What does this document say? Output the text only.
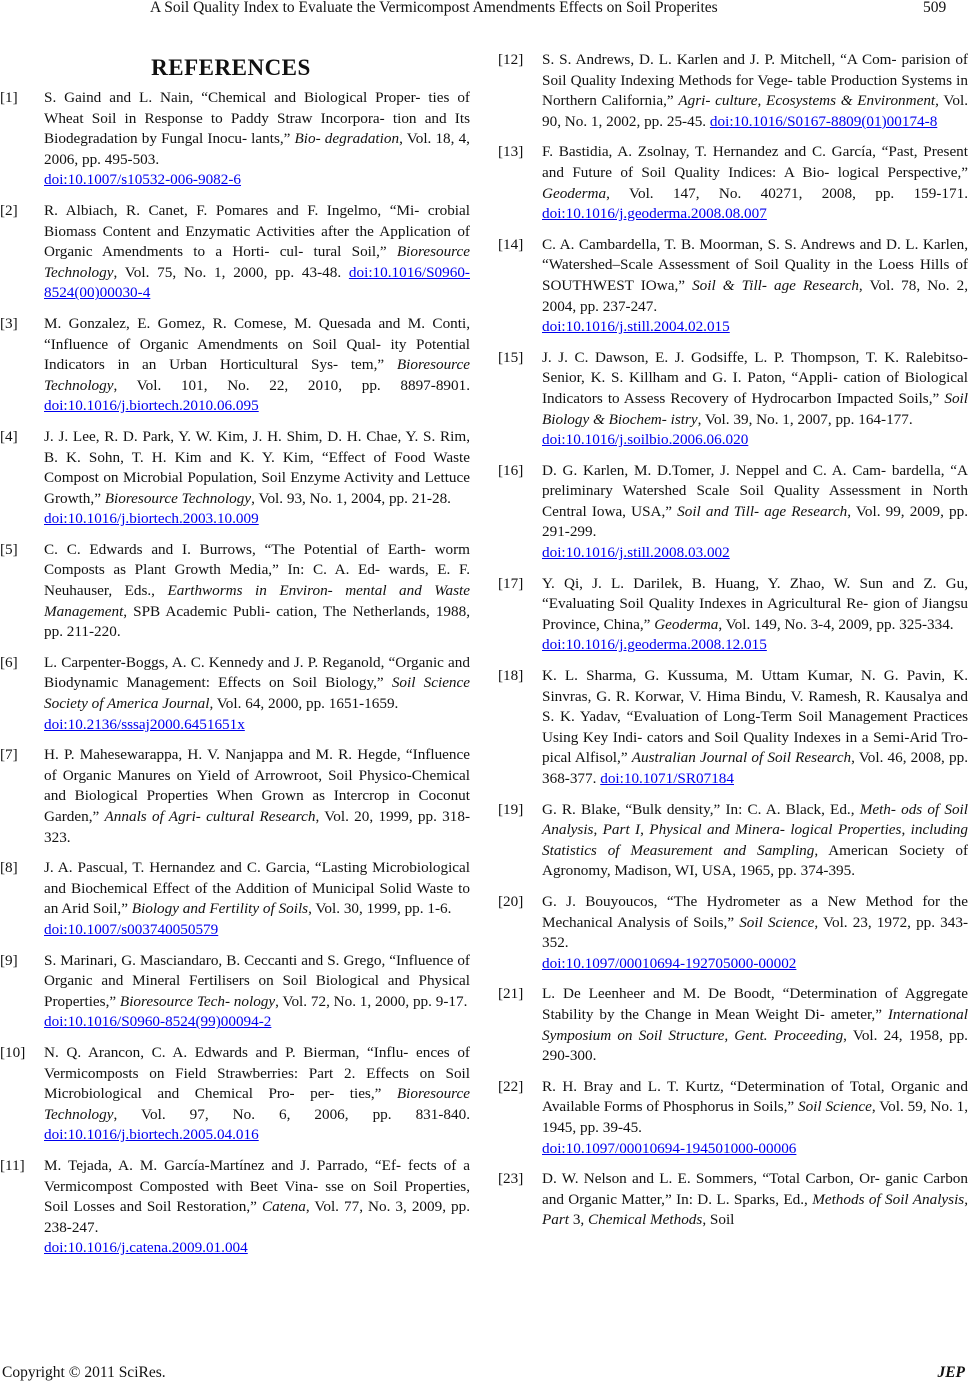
A Soil Quality Index to Evaluate the Vermicompost Amendments Effects on Soil Properites	509
REFERENCES
[1] S. Gaind and L. Nain, “Chemical and Biological Proper- ties of Wheat Soil in Response to Paddy Straw Incorpora- tion and Its Biodegradation by Fungal Inocu- lants,” Bio- degradation, Vol. 18, 4, 2006, pp. 495-503.
doi:10.1007/s10532-006-9082-6
[2] R. Albiach, R. Canet, F. Pomares and F. Ingelmo, “Mi- crobial Biomass Content and Enzymatic Activities after the Application of Organic Amendments to a Horti- cul- tural Soil,” Bioresource Technology, Vol. 75, No. 1, 2000, pp. 43-48. doi:10.1016/S0960-8524(00)00030-4
[3] M. Gonzalez, E. Gomez, R. Comese, M. Quesada and M. Conti, “Influence of Organic Amendments on Soil Qual- ity Potential Indicators in an Urban Horticultural Sys- tem,” Bioresource Technology, Vol. 101, No. 22, 2010, pp. 8897-8901. doi:10.1016/j.biortech.2010.06.095
[4] J. J. Lee, R. D. Park, Y. W. Kim, J. H. Shim, D. H. Chae, Y. S. Rim, B. K. Sohn, T. H. Kim and K. Y. Kim, “Effect of Food Waste Compost on Microbial Population, Soil Enzyme Activity and Lettuce Growth,” Bioresource Technology, Vol. 93, No. 1, 2004, pp. 21-28.
doi:10.1016/j.biortech.2003.10.009
[5] C. C. Edwards and I. Burrows, “The Potential of Earth- worm Composts as Plant Growth Media,” In: C. A. Ed- wards, E. F. Neuhauser, Eds., Earthworms in Environ- mental and Waste Management, SPB Academic Publi- cation, The Netherlands, 1988, pp. 211-220.
[6] L. Carpenter-Boggs, A. C. Kennedy and J. P. Reganold, “Organic and Biodynamic Management: Effects on Soil Biology,” Soil Science Society of America Journal, Vol. 64, 2000, pp. 1651-1659.
doi:10.2136/sssaj2000.6451651x
[7] H. P. Mahesewarappa, H. V. Nanjappa and M. R. Hegde, “Influence of Organic Manures on Yield of Arrowroot, Soil Physico-Chemical and Biological Properties When Grown as Intercrop in Coconut Garden,” Annals of Agri- cultural Research, Vol. 20, 1999, pp. 318-323.
[8] J. A. Pascual, T. Hernandez and C. Garcia, “Lasting Microbiological and Biochemical Effect of the Addition of Municipal Solid Waste to an Arid Soil,” Biology and Fertility of Soils, Vol. 30, 1999, pp. 1-6.
doi:10.1007/s003740050579
[9] S. Marinari, G. Masciandaro, B. Ceccanti and S. Grego, “Influence of Organic and Mineral Fertilisers on Soil Biological and Physical Properties,” Bioresource Tech- nology, Vol. 72, No. 1, 2000, pp. 9-17.
doi:10.1016/S0960-8524(99)00094-2
[10] N. Q. Arancon, C. A. Edwards and P. Bierman, “Influ- ences of Vermicomposts on Field Strawberries: Part 2. Effects on Soil Microbiological and Chemical Pro- per- ties,” Bioresource Technology, Vol. 97, No. 6, 2006, pp. 831-840. doi:10.1016/j.biortech.2005.04.016
[11] M. Tejada, A. M. García-Martínez and J. Parrado, “Ef- fects of a Vermicompost Composted with Beet Vina- sse on Soil Properties, Soil Losses and Soil Restoration,” Catena, Vol. 77, No. 3, 2009, pp. 238-247.
doi:10.1016/j.catena.2009.01.004
[12] S. S. Andrews, D. L. Karlen and J. P. Mitchell, “A Com- parision of Soil Quality Indexing Methods for Vege- table Production Systems in Northern California,” Agri- culture, Ecosystems & Environment, Vol. 90, No. 1, 2002, pp. 25-45. doi:10.1016/S0167-8809(01)00174-8
[13] F. Bastidia, A. Zsolnay, T. Hernandez and C. García, “Past, Present and Future of Soil Quality Indices: A Bio- logical Perspective,” Geoderma, Vol. 147, No. 40271, 2008, pp. 159-171. doi:10.1016/j.geoderma.2008.08.007
[14] C. A. Cambardella, T. B. Moorman, S. S. Andrews and D. L. Karlen, “Watershed–Scale Assessment of Soil Quality in the Loess Hills of SOUTHWEST IOwa,” Soil & Till- age Research, Vol. 78, No. 2, 2004, pp. 237-247.
doi:10.1016/j.still.2004.02.015
[15] J. J. C. Dawson, E. J. Godsiffe, L. P. Thompson, T. K. Ralebitso-Senior, K. S. Killham and G. I. Paton, “Appli- cation of Biological Indicators to Assess Recovery of Hydrocarbon Impacted Soils,” Soil Biology & Biochem- istry, Vol. 39, No. 1, 2007, pp. 164-177.
doi:10.1016/j.soilbio.2006.06.020
[16] D. G. Karlen, M. D.Tomer, J. Neppel and C. A. Cam- bardella, “A preliminary Watershed Scale Soil Quality Assessment in North Central Iowa, USA,” Soil and Till- age Research, Vol. 99, 2009, pp. 291-299.
doi:10.1016/j.still.2008.03.002
[17] Y. Qi, J. L. Darilek, B. Huang, Y. Zhao, W. Sun and Z. Gu, “Evaluating Soil Quality Indexes in Agricultural Re- gion of Jiangsu Province, China,” Geoderma, Vol. 149, No. 3-4, 2009, pp. 325-334.
doi:10.1016/j.geoderma.2008.12.015
[18] K. L. Sharma, G. Kussuma, M. Uttam Kumar, N. G. Pavin, K. Sinvras, G. R. Korwar, V. Hima Bindu, V. Ramesh, R. Kausalya and S. K. Yadav, “Evaluation of Long-Term Soil Management Practices Using Key Indi- cators and Soil Quality Indexes in a Semi-Arid Tro- pical Alfisol,” Australian Journal of Soil Research, Vol. 46, 2008, pp. 368-377. doi:10.1071/SR07184
[19] G. R. Blake, “Bulk density,” In: C. A. Black, Ed., Meth- ods of Soil Analysis, Part I, Physical and Minera- logical Properties, including Statistics of Measurement and Sampling, American Society of Agronomy, Madison, WI, USA, 1965, pp. 374-395.
[20] G. J. Bouyoucos, “The Hydrometer as a New Method for the Mechanical Analysis of Soils,” Soil Science, Vol. 23, 1972, pp. 343-352.
doi:10.1097/00010694-192705000-00002
[21] L. De Leenheer and M. De Boodt, “Determination of Aggregate Stability by the Change in Mean Weight Di- ameter,” International Symposium on Soil Structure, Gent. Proceeding, Vol. 24, 1958, pp. 290-300.
[22] R. H. Bray and L. T. Kurtz, “Determination of Total, Organic and Available Forms of Phosphorus in Soils,” Soil Science, Vol. 59, No. 1, 1945, pp. 39-45.
doi:10.1097/00010694-194501000-00006
[23] D. W. Nelson and L. E. Sommers, “Total Carbon, Or- ganic Carbon and Organic Matter,” In: D. L. Sparks, Ed., Methods of Soil Analysis, Part 3, Chemical Methods, Soil
Copyright © 2011 SciRes.	JEP
